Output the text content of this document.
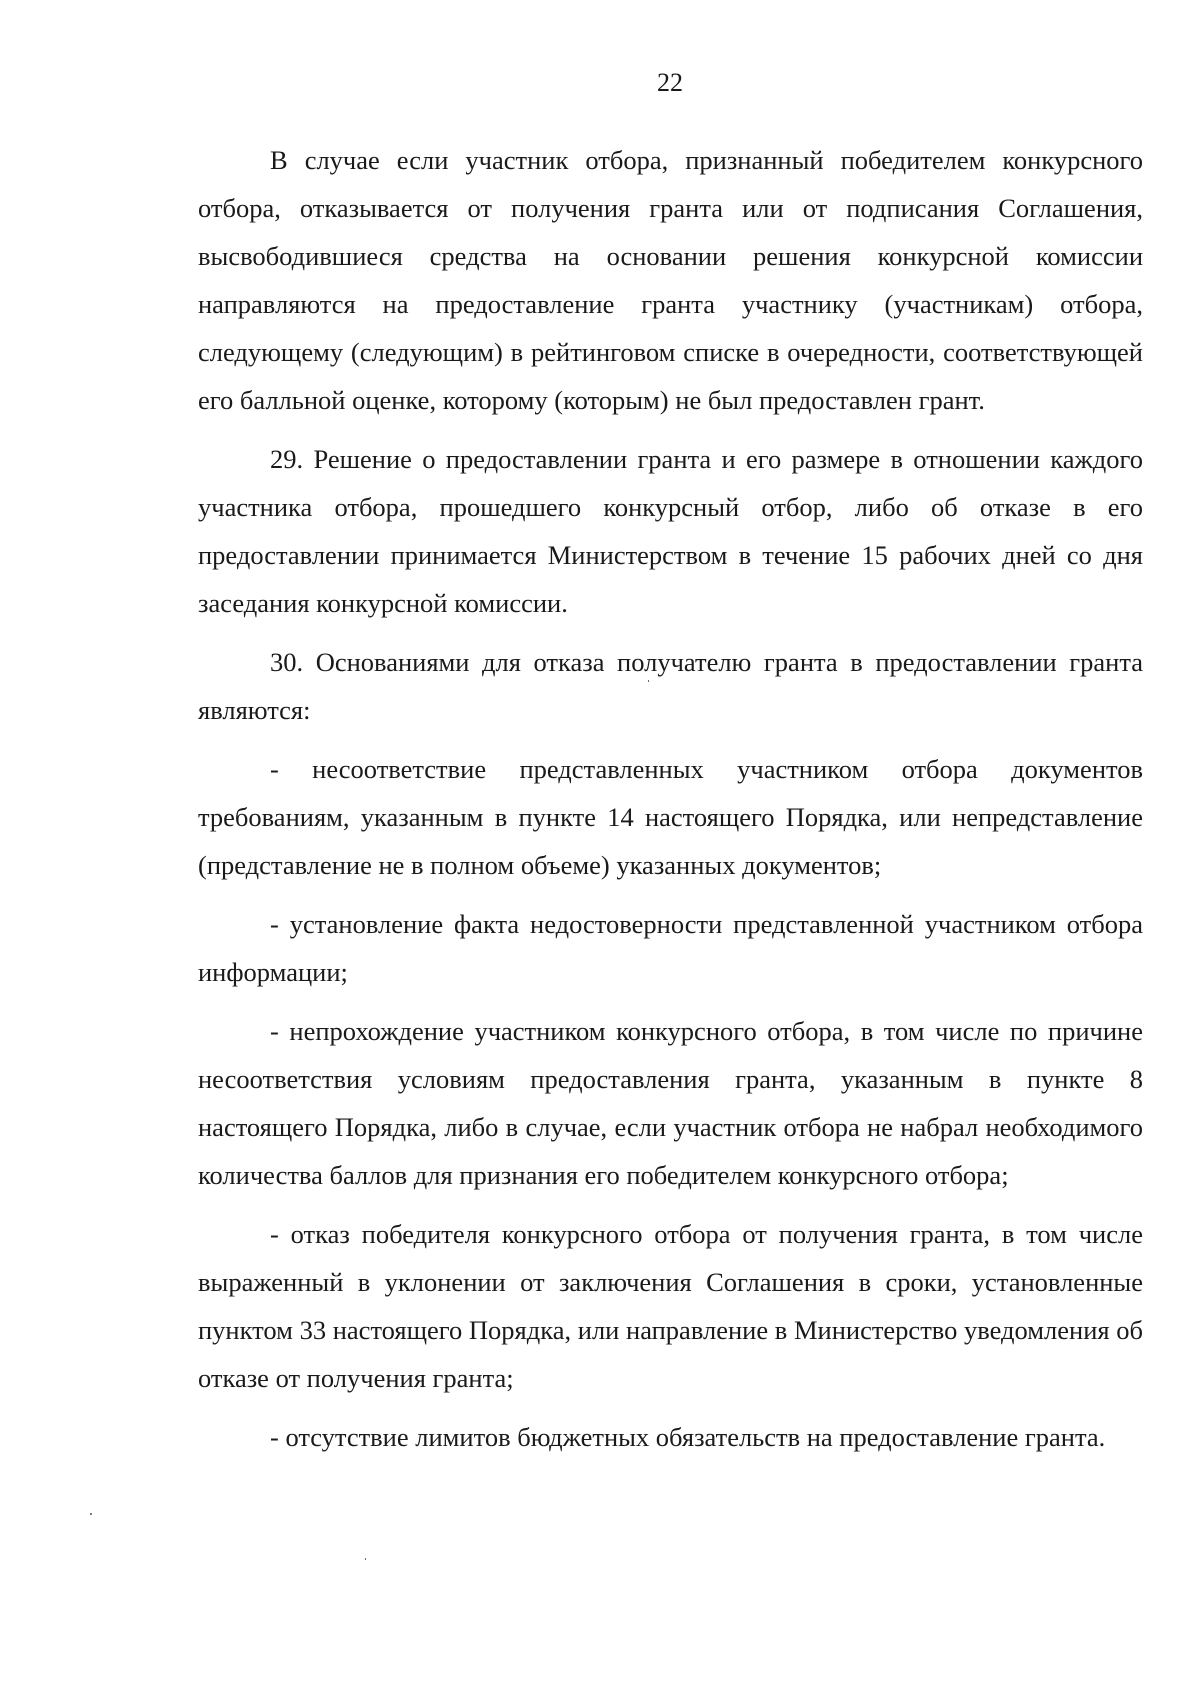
22

В случае если участник отбора, признанный победителем конкурсного отбора, отказывается от получения гранта или от подписания Соглашения, высвободившиеся средства на основании решения конкурсной комиссии направляются на предоставление гранта участнику (участникам) отбора, следующему (следующим) в рейтинговом списке в очередности, соответствующей его балльной оценке, которому (которым) не был предоставлен грант.

29. Решение о предоставлении гранта и его размере в отношении каждого участника отбора, прошедшего конкурсный отбор, либо об отказе в его предоставлении принимается Министерством в течение 15 рабочих дней со дня заседания конкурсной комиссии.

30. Основаниями для отказа получателю гранта в предоставлении гранта являются:

- несоответствие представленных участником отбора документов требованиям, указанным в пункте 14 настоящего Порядка, или непредставление (представление не в полном объеме) указанных документов;

- установление факта недостоверности представленной участником отбора информации;

- непрохождение участником конкурсного отбора, в том числе по причине несоответствия условиям предоставления гранта, указанным в пункте 8 настоящего Порядка, либо в случае, если участник отбора не набрал необходимого количества баллов для признания его победителем конкурсного отбора;

- отказ победителя конкурсного отбора от получения гранта, в том числе выраженный в уклонении от заключения Соглашения в сроки, установленные пунктом 33 настоящего Порядка, или направление в Министерство уведомления об отказе от получения гранта;

- отсутствие лимитов бюджетных обязательств на предоставление гранта.
